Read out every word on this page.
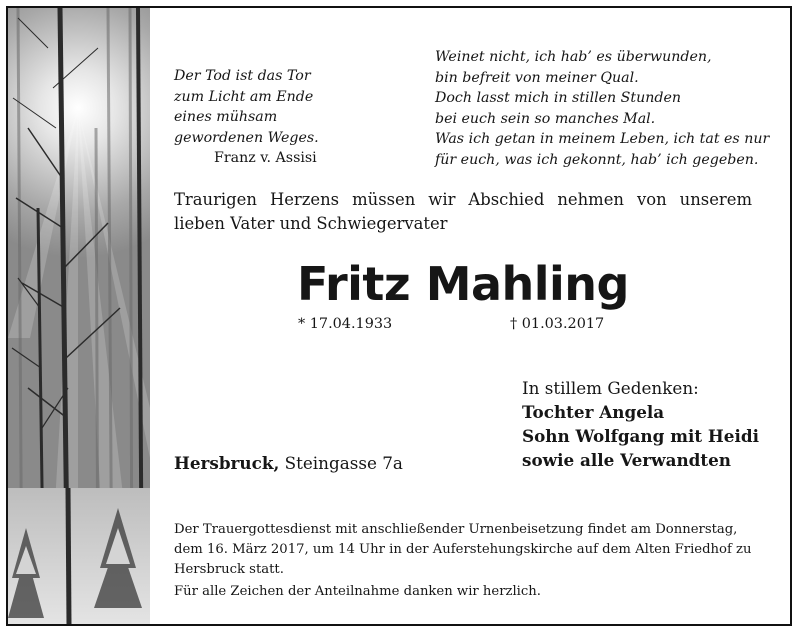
Der Tod ist das Tor
zum Licht am Ende
eines mühsam
gewordenen Weges.
Franz v. Assisi
Weinet nicht, ich hab’ es überwunden,
bin befreit von meiner Qual.
Doch lasst mich in stillen Stunden
bei euch sein so manches Mal.
Was ich getan in meinem Leben, ich tat es nur
für euch, was ich gekonnt, hab’ ich gegeben.
Traurigen Herzens müssen wir Abschied nehmen von unserem lieben Vater und Schwiegervater
Fritz Mahling
* 17.04.1933	† 01.03.2017
In stillem Gedenken:
Tochter Angela
Sohn Wolfgang mit Heidi
sowie alle Verwandten
Hersbruck, Steingasse 7a
Der Trauergottesdienst mit anschließender Urnenbeisetzung findet am Donnerstag, dem 16. März 2017, um 14 Uhr in der Auferstehungskirche auf dem Alten Friedhof zu Hersbruck statt.
Für alle Zeichen der Anteilnahme danken wir herzlich.
